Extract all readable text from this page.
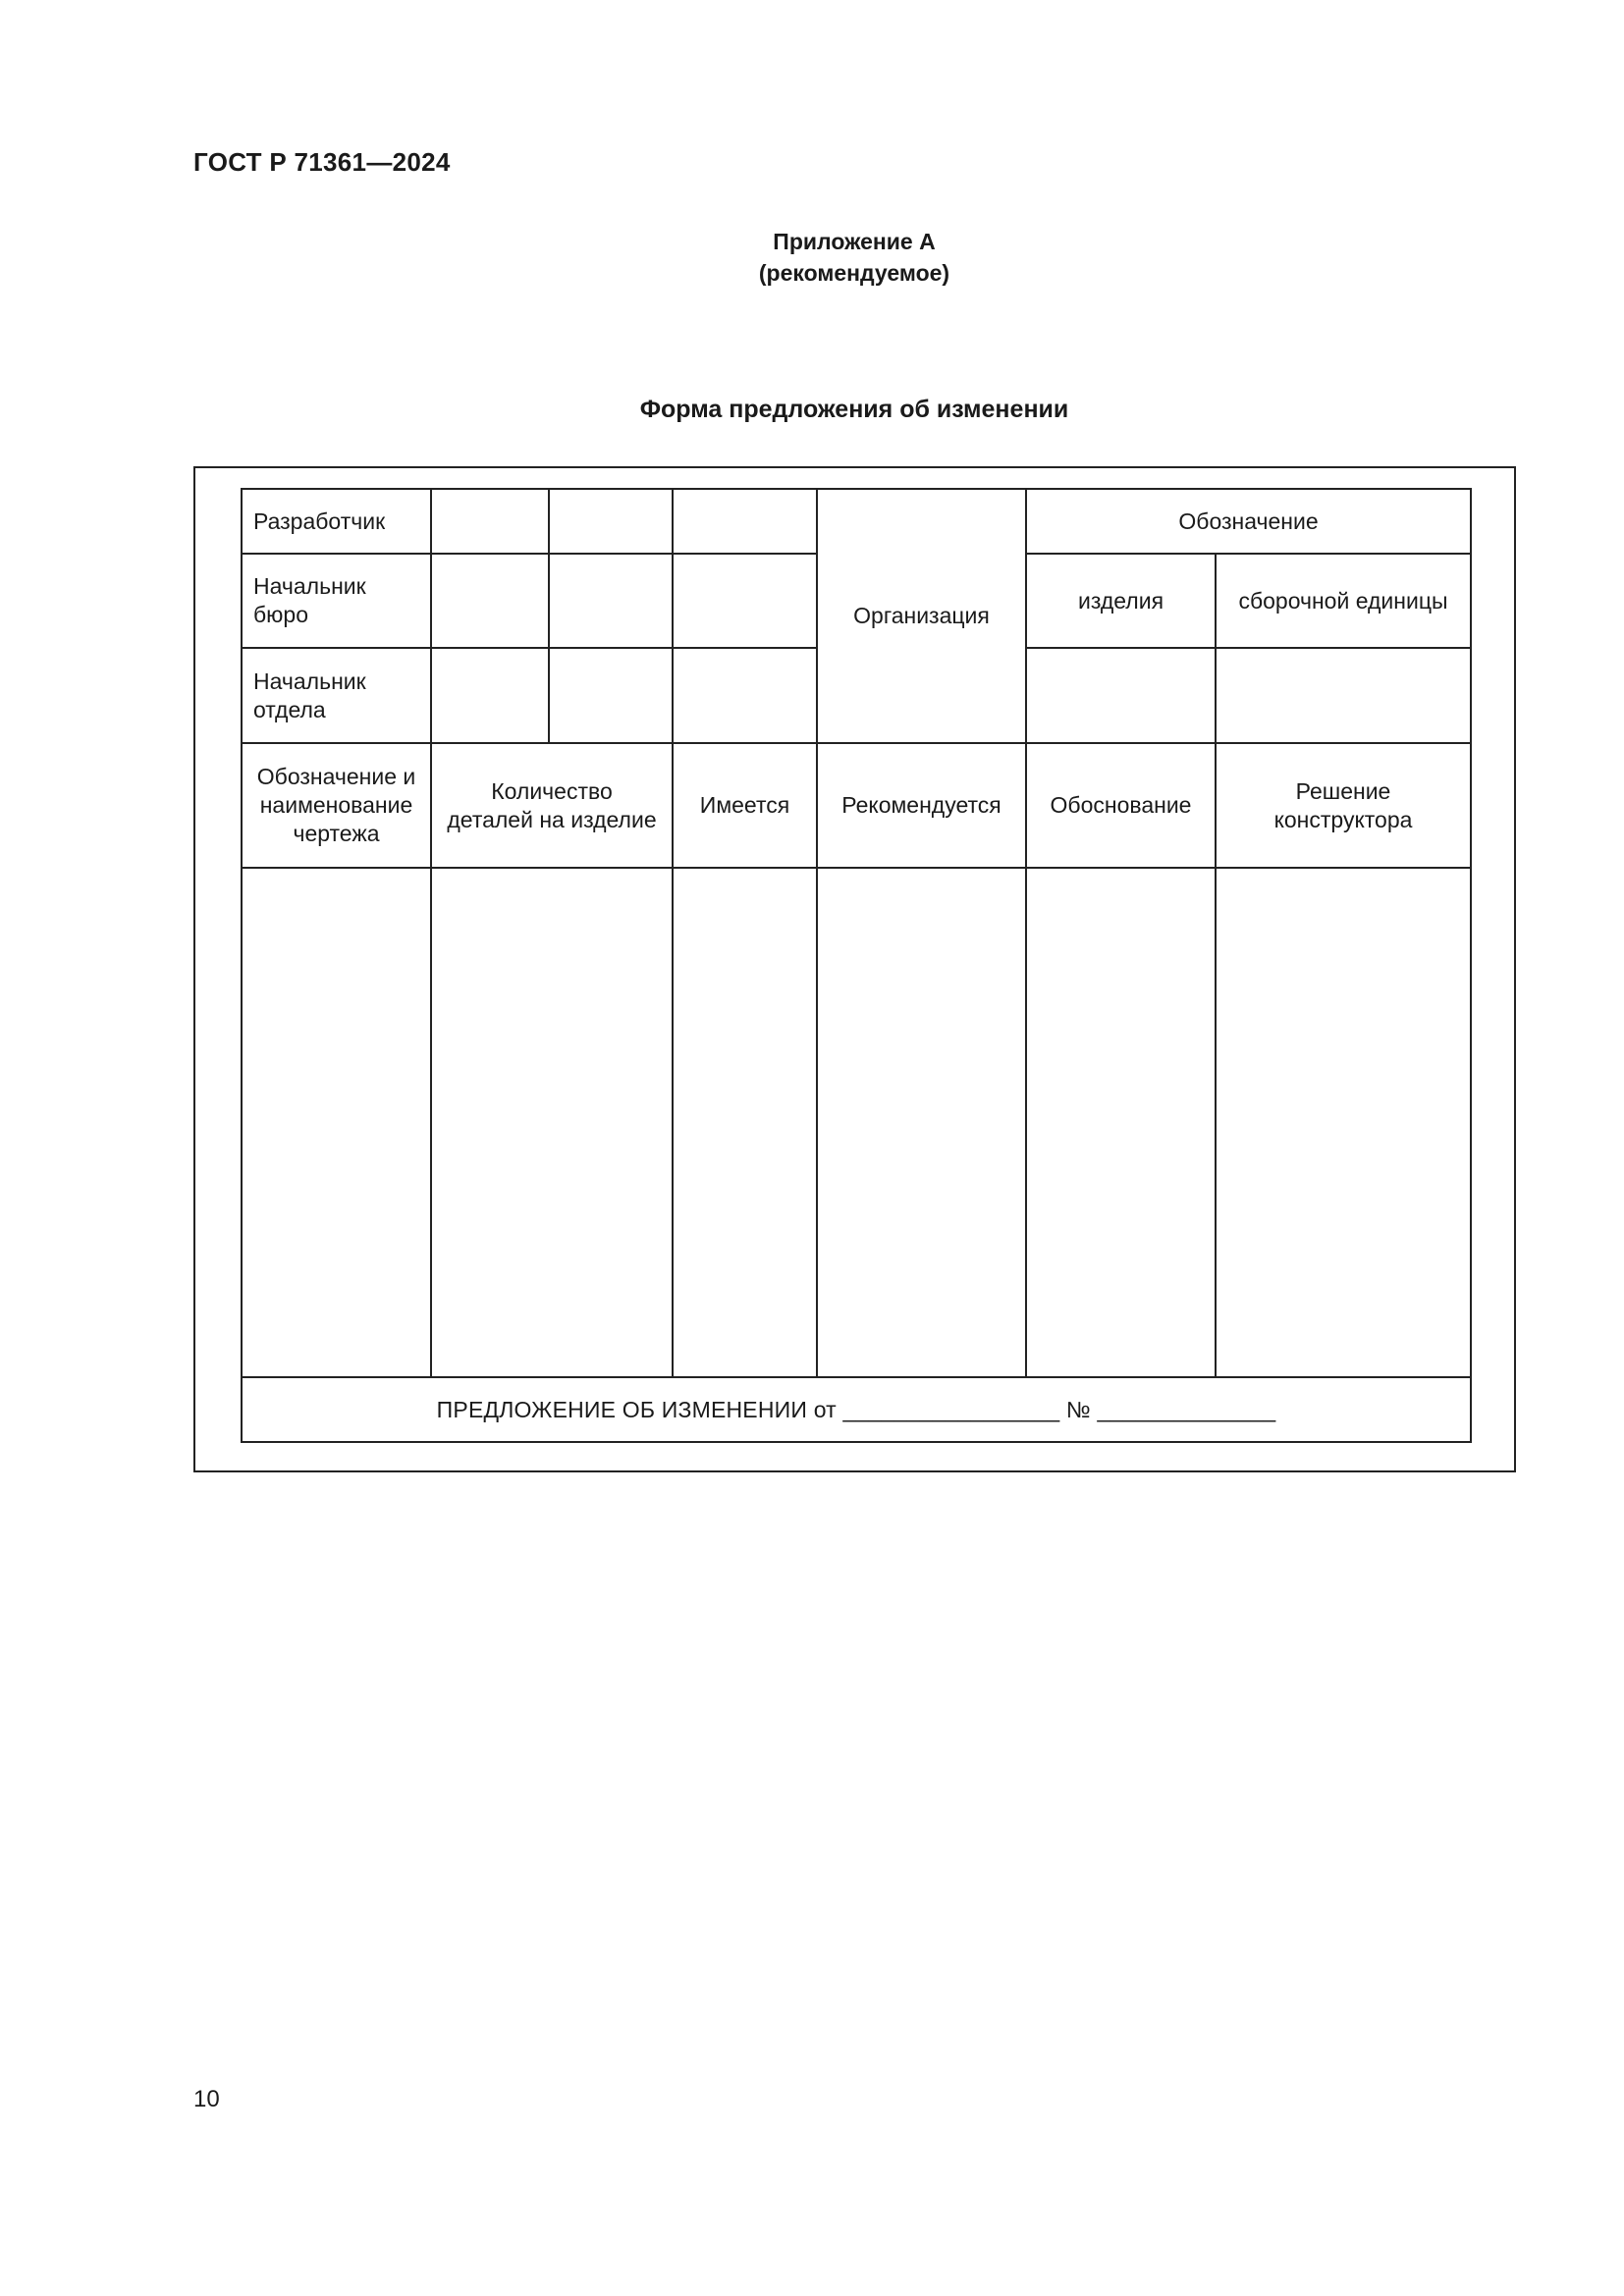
ГОСТ Р 71361—2024
Приложение А
(рекомендуемое)
Форма предложения об изменении
Разработчик				Организация	Обозначение	

Начальник бюро					изделия	сборочной единицы

Начальник отдела						

Обозначение и наименование чертежа	Количество деталей на изделие		Имеется	Рекомендуется	Обоснование	Решение конструктора

ПРЕДЛОЖЕНИЕ ОБ ИЗМЕНЕНИИ от _________________ № ______________						
10
